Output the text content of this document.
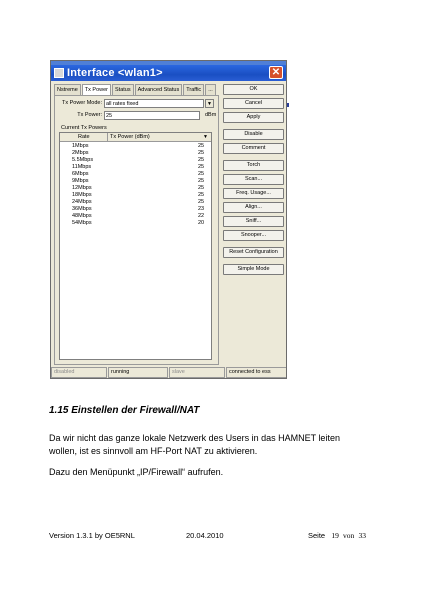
Interface <wlan1>	✕
Nstreme	Tx Power	Status	Advanced Status	Traffic	...
Tx Power Mode: all rates fixed	▼
Tx Power: 25	dBm
Current Tx Powers
Rate	Tx Power (dBm)	▼
1Mbps	25
2Mbps	25
5.5Mbps	25
11Mbps	25
6Mbps	25
9Mbps	25
12Mbps	25
18Mbps	25
24Mbps	25
36Mbps	23
48Mbps	22
54Mbps	20
OK
Cancel
Apply
Disable
Comment
Torch
Scan...
Freq. Usage...
Align...
Sniff...
Snooper...
Reset Configuration
Simple Mode
disabled	running	slave	connected to ess
1.15 Einstellen der Firewall/NAT
Da wir nicht das ganze lokale Netzwerk des Users in das HAMNET leiten
wollen, ist es sinnvoll am HF-Port NAT zu aktivieren.
Dazu den Menüpunkt „IP/Firewall“ aufrufen.
Version 1.3.1 by OE5RNL	20.04.2010	Seite 19 von 33
